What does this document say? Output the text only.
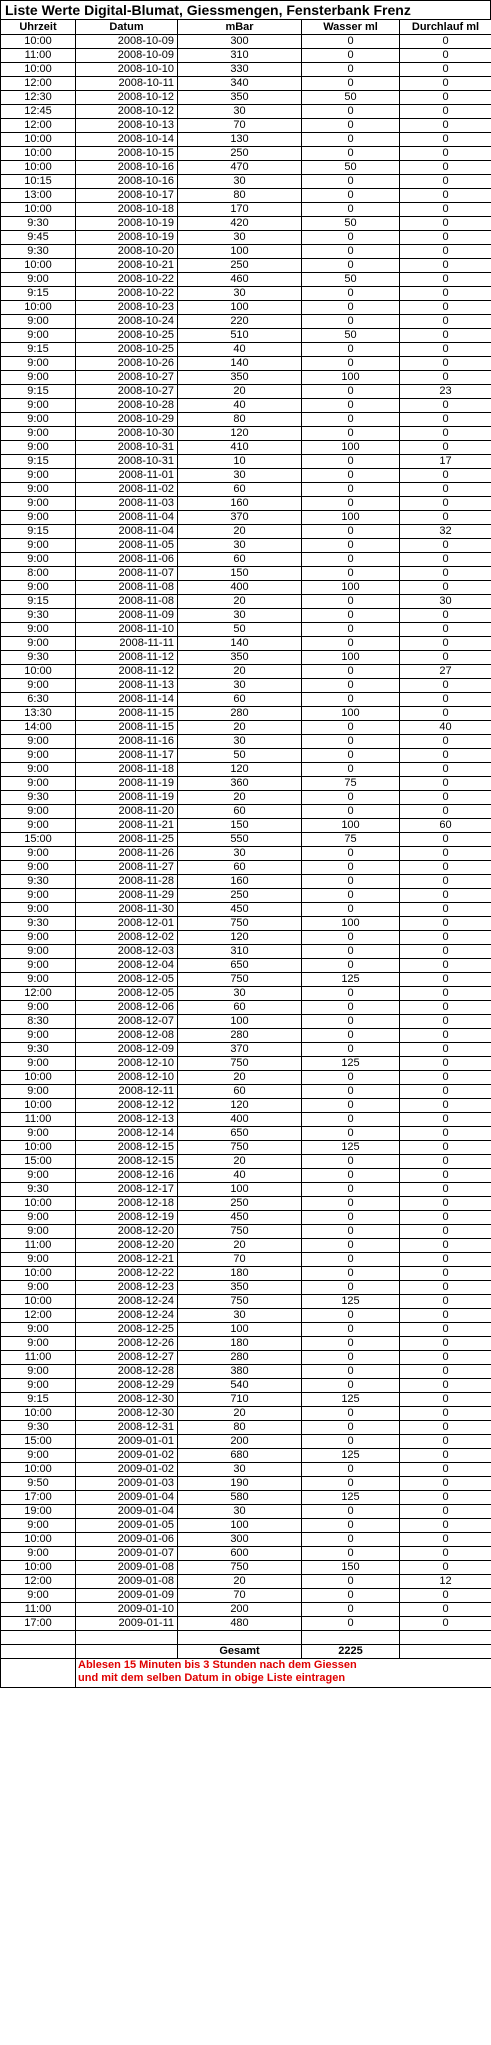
Liste Werte Digital-Blumat, Giessmengen, Fensterbank Frenz
Uhrzeit	Datum	mBar	Wasser ml	Durchlauf ml
10:00	2008-10-09	300	0	0
11:00	2008-10-09	310	0	0
10:00	2008-10-10	330	0	0
12:00	2008-10-11	340	0	0
12:30	2008-10-12	350	50	0
12:45	2008-10-12	30	0	0
12:00	2008-10-13	70	0	0
10:00	2008-10-14	130	0	0
10:00	2008-10-15	250	0	0
10:00	2008-10-16	470	50	0
10:15	2008-10-16	30	0	0
13:00	2008-10-17	80	0	0
10:00	2008-10-18	170	0	0
9:30	2008-10-19	420	50	0
9:45	2008-10-19	30	0	0
9:30	2008-10-20	100	0	0
10:00	2008-10-21	250	0	0
9:00	2008-10-22	460	50	0
9:15	2008-10-22	30	0	0
10:00	2008-10-23	100	0	0
9:00	2008-10-24	220	0	0
9:00	2008-10-25	510	50	0
9:15	2008-10-25	40	0	0
9:00	2008-10-26	140	0	0
9:00	2008-10-27	350	100	0
9:15	2008-10-27	20	0	23
9:00	2008-10-28	40	0	0
9:00	2008-10-29	80	0	0
9:00	2008-10-30	120	0	0
9:00	2008-10-31	410	100	0
9:15	2008-10-31	10	0	17
9:00	2008-11-01	30	0	0
9:00	2008-11-02	60	0	0
9:00	2008-11-03	160	0	0
9:00	2008-11-04	370	100	0
9:15	2008-11-04	20	0	32
9:00	2008-11-05	30	0	0
9:00	2008-11-06	60	0	0
8:00	2008-11-07	150	0	0
9:00	2008-11-08	400	100	0
9:15	2008-11-08	20	0	30
9:30	2008-11-09	30	0	0
9:00	2008-11-10	50	0	0
9:00	2008-11-11	140	0	0
9:30	2008-11-12	350	100	0
10:00	2008-11-12	20	0	27
9:00	2008-11-13	30	0	0
6:30	2008-11-14	60	0	0
13:30	2008-11-15	280	100	0
14:00	2008-11-15	20	0	40
9:00	2008-11-16	30	0	0
9:00	2008-11-17	50	0	0
9:00	2008-11-18	120	0	0
9:00	2008-11-19	360	75	0
9:30	2008-11-19	20	0	0
9:00	2008-11-20	60	0	0
9:00	2008-11-21	150	100	60
15:00	2008-11-25	550	75	0
9:00	2008-11-26	30	0	0
9:00	2008-11-27	60	0	0
9:30	2008-11-28	160	0	0
9:00	2008-11-29	250	0	0
9:00	2008-11-30	450	0	0
9:30	2008-12-01	750	100	0
9:00	2008-12-02	120	0	0
9:00	2008-12-03	310	0	0
9:00	2008-12-04	650	0	0
9:00	2008-12-05	750	125	0
12:00	2008-12-05	30	0	0
9:00	2008-12-06	60	0	0
8:30	2008-12-07	100	0	0
9:00	2008-12-08	280	0	0
9:30	2008-12-09	370	0	0
9:00	2008-12-10	750	125	0
10:00	2008-12-10	20	0	0
9:00	2008-12-11	60	0	0
10:00	2008-12-12	120	0	0
11:00	2008-12-13	400	0	0
9:00	2008-12-14	650	0	0
10:00	2008-12-15	750	125	0
15:00	2008-12-15	20	0	0
9:00	2008-12-16	40	0	0
9:30	2008-12-17	100	0	0
10:00	2008-12-18	250	0	0
9:00	2008-12-19	450	0	0
9:00	2008-12-20	750	0	0
11:00	2008-12-20	20	0	0
9:00	2008-12-21	70	0	0
10:00	2008-12-22	180	0	0
9:00	2008-12-23	350	0	0
10:00	2008-12-24	750	125	0
12:00	2008-12-24	30	0	0
9:00	2008-12-25	100	0	0
9:00	2008-12-26	180	0	0
11:00	2008-12-27	280	0	0
9:00	2008-12-28	380	0	0
9:00	2008-12-29	540	0	0
9:15	2008-12-30	710	125	0
10:00	2008-12-30	20	0	0
9:30	2008-12-31	80	0	0
15:00	2009-01-01	200	0	0
9:00	2009-01-02	680	125	0
10:00	2009-01-02	30	0	0
9:50	2009-01-03	190	0	0
17:00	2009-01-04	580	125	0
19:00	2009-01-04	30	0	0
9:00	2009-01-05	100	0	0
10:00	2009-01-06	300	0	0
9:00	2009-01-07	600	0	0
10:00	2009-01-08	750	150	0
12:00	2009-01-08	20	0	12
9:00	2009-01-09	70	0	0
11:00	2009-01-10	200	0	0
17:00	2009-01-11	480	0	0

		Gesamt	2225	

	Ablesen 15 Minuten bis 3 Stunden nach dem Giessen
und mit dem selben Datum in obige Liste eintragen			
